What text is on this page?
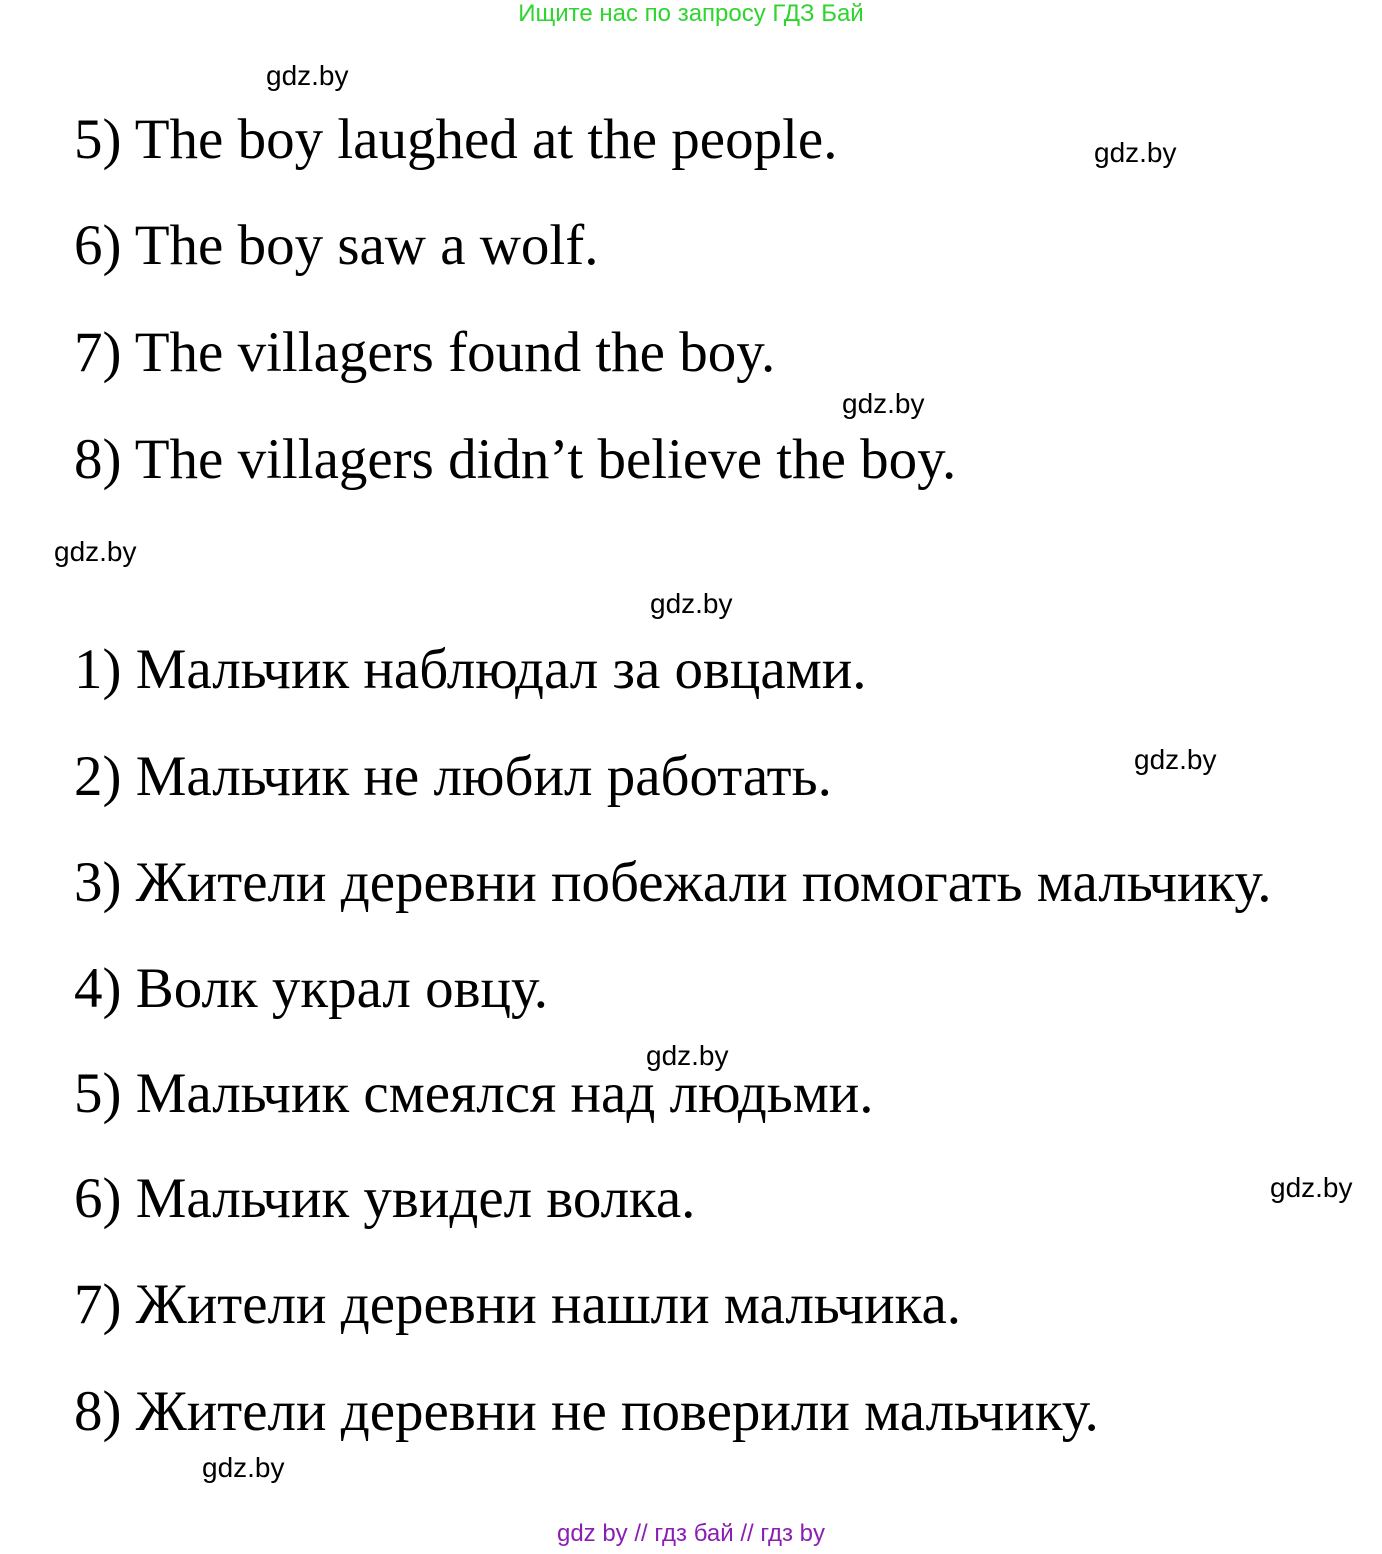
Ищите нас по запросу ГДЗ Бай
gdz.by
gdz.by
5) The boy laughed at the people.
6) The boy saw a wolf.
7) The villagers found the boy.
gdz.by
8) The villagers didn’t believe the boy.
gdz.by
gdz.by
1) Мальчик наблюдал за овцами.
gdz.by
2) Мальчик не любил работать.
3) Жители деревни побежали помогать мальчику.
4) Волк украл овцу.
gdz.by
5) Мальчик смеялся над людьми.
gdz.by
6) Мальчик увидел волка.
7) Жители деревни нашли мальчика.
8) Жители деревни не поверили мальчику.
gdz.by
gdz by // гдз бай // гдз by
